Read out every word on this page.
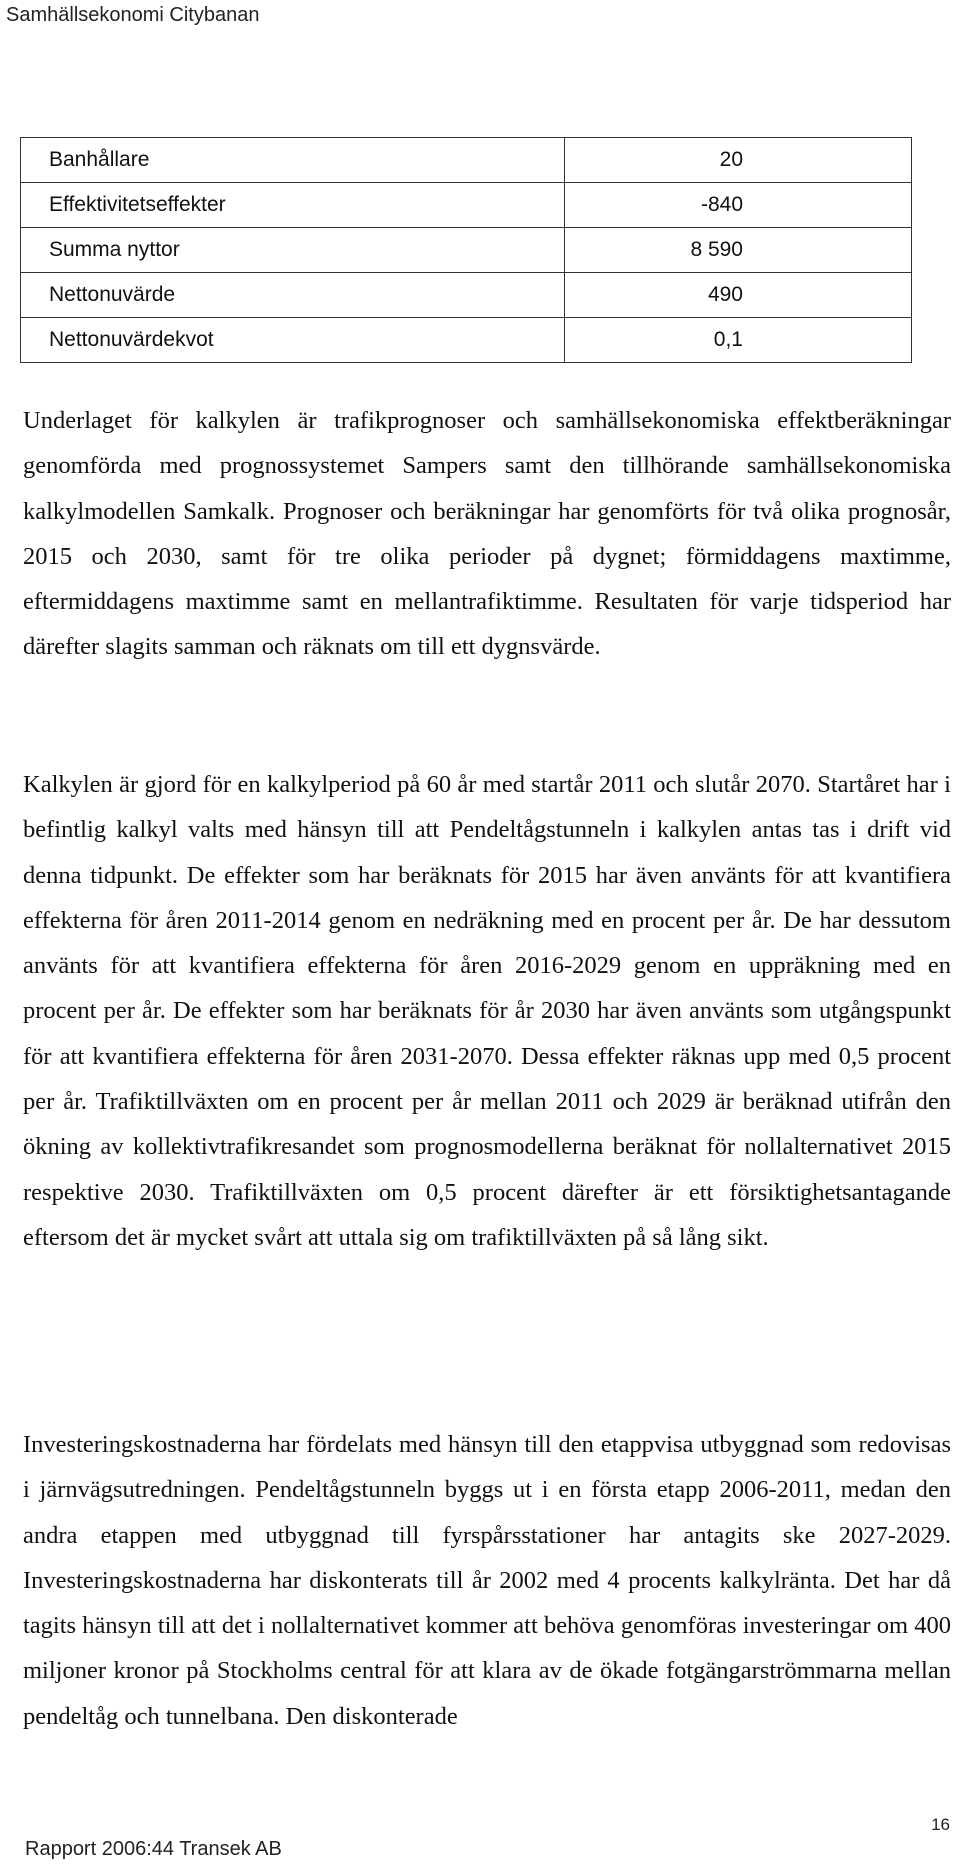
Samhällsekonomi Citybanan
Banhållare	20
Effektivitetseffekter	-840
Summa nyttor	8 590
Nettonuvärde	490
Nettonuvärdekvot	0,1

Underlaget för kalkylen är trafikprognoser och samhällsekonomiska effektberäkningar genomförda med prognossystemet Sampers samt den tillhörande samhällsekonomiska kalkylmodellen Samkalk. Prognoser och beräkningar har genomförts för två olika prognosår, 2015 och 2030, samt för tre olika perioder på dygnet; förmiddagens maxtimme, eftermiddagens maxtimme samt en mellantrafiktimme. Resultaten för varje tidsperiod har därefter slagits samman och räknats om till ett dygnsvärde.

Kalkylen är gjord för en kalkylperiod på 60 år med startår 2011 och slutår 2070. Startåret har i befintlig kalkyl valts med hänsyn till att Pendeltågstunneln i kalkylen antas tas i drift vid denna tidpunkt. De effekter som har beräknats för 2015 har även använts för att kvantifiera effekterna för åren 2011-2014 genom en nedräkning med en procent per år. De har dessutom använts för att kvantifiera effekterna för åren 2016-2029 genom en uppräkning med en procent per år. De effekter som har beräknats för år 2030 har även använts som utgångspunkt för att kvantifiera effekterna för åren 2031-2070. Dessa effekter räknas upp med 0,5 procent per år. Trafiktillväxten om en procent per år mellan 2011 och 2029 är beräknad utifrån den ökning av kollektivtrafikresandet som prognosmodellerna beräknat för nollalternativet 2015 respektive 2030. Trafiktillväxten om 0,5 procent därefter är ett försiktighetsantagande eftersom det är mycket svårt att uttala sig om trafiktillväxten på så lång sikt.

Investeringskostnaderna har fördelats med hänsyn till den etappvisa utbyggnad som redovisas i järnvägsutredningen. Pendeltågstunneln byggs ut i en första etapp 2006-2011, medan den andra etappen med utbyggnad till fyrspårsstationer har antagits ske 2027-2029. Investeringskostnaderna har diskonterats till år 2002 med 4 procents kalkylränta. Det har då tagits hänsyn till att det i nollalternativet kommer att behöva genomföras investeringar om 400 miljoner kronor på Stockholms central för att klara av de ökade fotgängarströmmarna mellan pendeltåg och tunnelbana. Den diskonterade

16
Rapport 2006:44 Transek AB
